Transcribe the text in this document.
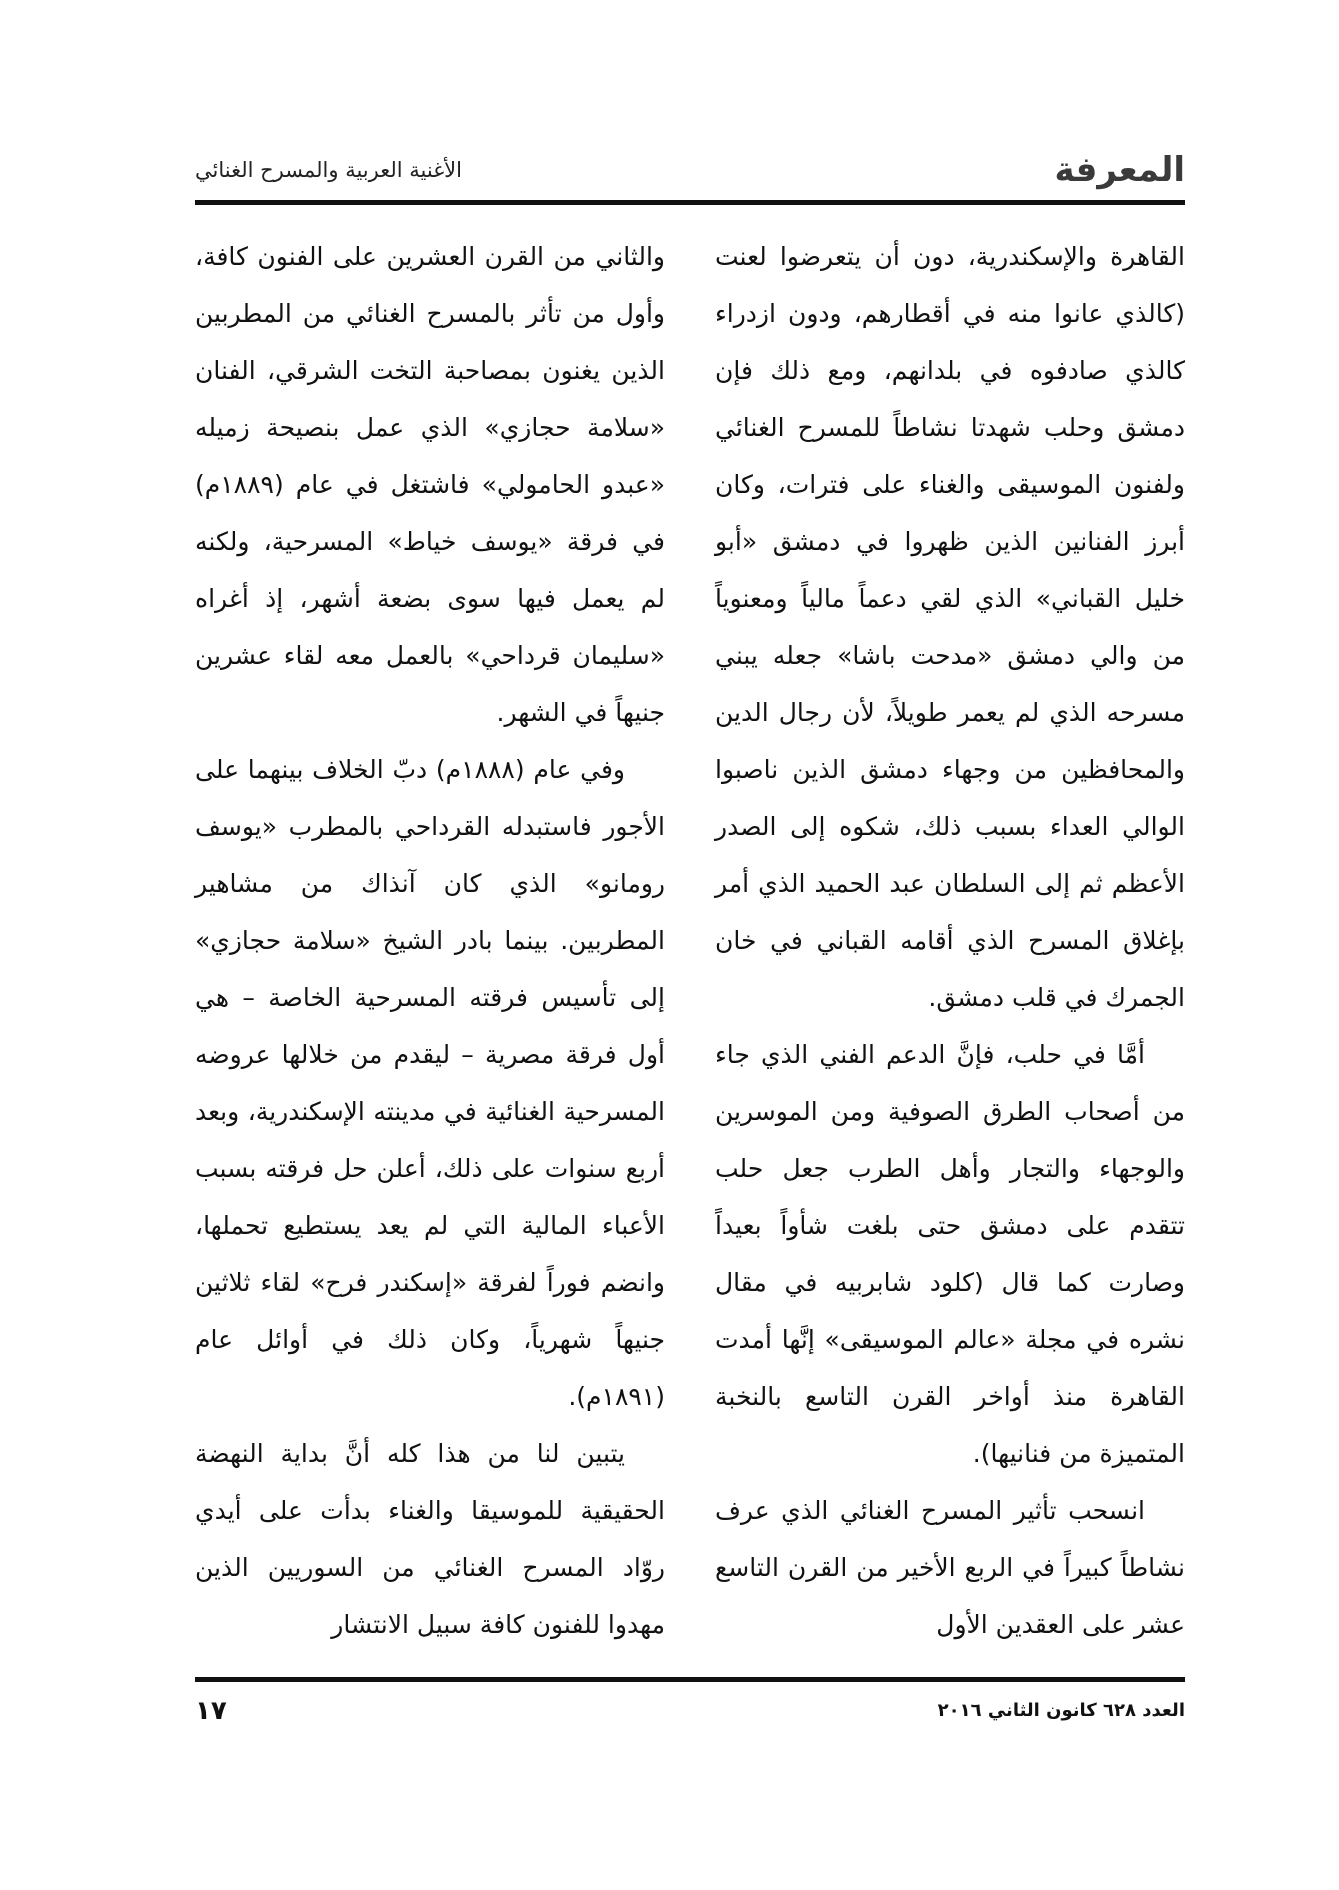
المعرفة
الأغنية العربية والمسرح الغنائي

القاهرة والإسكندرية، دون أن يتعرضوا لعنت (كالذي عانوا منه في أقطارهم، ودون ازدراء كالذي صادفوه في بلدانهم، ومع ذلك فإن دمشق وحلب شهدتا نشاطاً للمسرح الغنائي ولفنون الموسيقى والغناء على فترات، وكان أبرز الفنانين الذين ظهروا في دمشق «أبو خليل القباني» الذي لقي دعماً مالياً ومعنوياً من والي دمشق «مدحت باشا» جعله يبني مسرحه الذي لم يعمر طويلاً، لأن رجال الدين والمحافظين من وجهاء دمشق الذين ناصبوا الوالي العداء بسبب ذلك، شكوه إلى الصدر الأعظم ثم إلى السلطان عبد الحميد الذي أمر بإغلاق المسرح الذي أقامه القباني في خان الجمرك في قلب دمشق.

أمَّا في حلب، فإنَّ الدعم الفني الذي جاء من أصحاب الطرق الصوفية ومن الموسرين والوجهاء والتجار وأهل الطرب جعل حلب تتقدم على دمشق حتى بلغت شأواً بعيداً وصارت كما قال (كلود شابربيه في مقال نشره في مجلة «عالم الموسيقى» إنَّها أمدت القاهرة منذ أواخر القرن التاسع بالنخبة المتميزة من فنانيها).

انسحب تأثير المسرح الغنائي الذي عرف نشاطاً كبيراً في الربع الأخير من القرن التاسع عشر على العقدين الأول

والثاني من القرن العشرين على الفنون كافة، وأول من تأثر بالمسرح الغنائي من المطربين الذين يغنون بمصاحبة التخت الشرقي، الفنان «سلامة حجازي» الذي عمل بنصيحة زميله «عبدو الحامولي» فاشتغل في عام (١٨٨٩م) في فرقة «يوسف خياط» المسرحية، ولكنه لم يعمل فيها سوى بضعة أشهر، إذ أغراه «سليمان قرداحي» بالعمل معه لقاء عشرين جنيهاً في الشهر.

وفي عام (١٨٨٨م) دبّ الخلاف بينهما على الأجور فاستبدله القرداحي بالمطرب «يوسف رومانو» الذي كان آنذاك من مشاهير المطربين. بينما بادر الشيخ «سلامة حجازي» إلى تأسيس فرقته المسرحية الخاصة – هي أول فرقة مصرية – ليقدم من خلالها عروضه المسرحية الغنائية في مدينته الإسكندرية، وبعد أربع سنوات على ذلك، أعلن حل فرقته بسبب الأعباء المالية التي لم يعد يستطيع تحملها، وانضم فوراً لفرقة «إسكندر فرح» لقاء ثلاثين جنيهاً شهرياً، وكان ذلك في أوائل عام (١٨٩١م).

يتبين لنا من هذا كله أنَّ بداية النهضة الحقيقية للموسيقا والغناء بدأت على أيدي روّاد المسرح الغنائي من السوريين الذين مهدوا للفنون كافة سبيل الانتشار

العدد ٦٢٨ كانون الثاني ٢٠١٦
١٧
